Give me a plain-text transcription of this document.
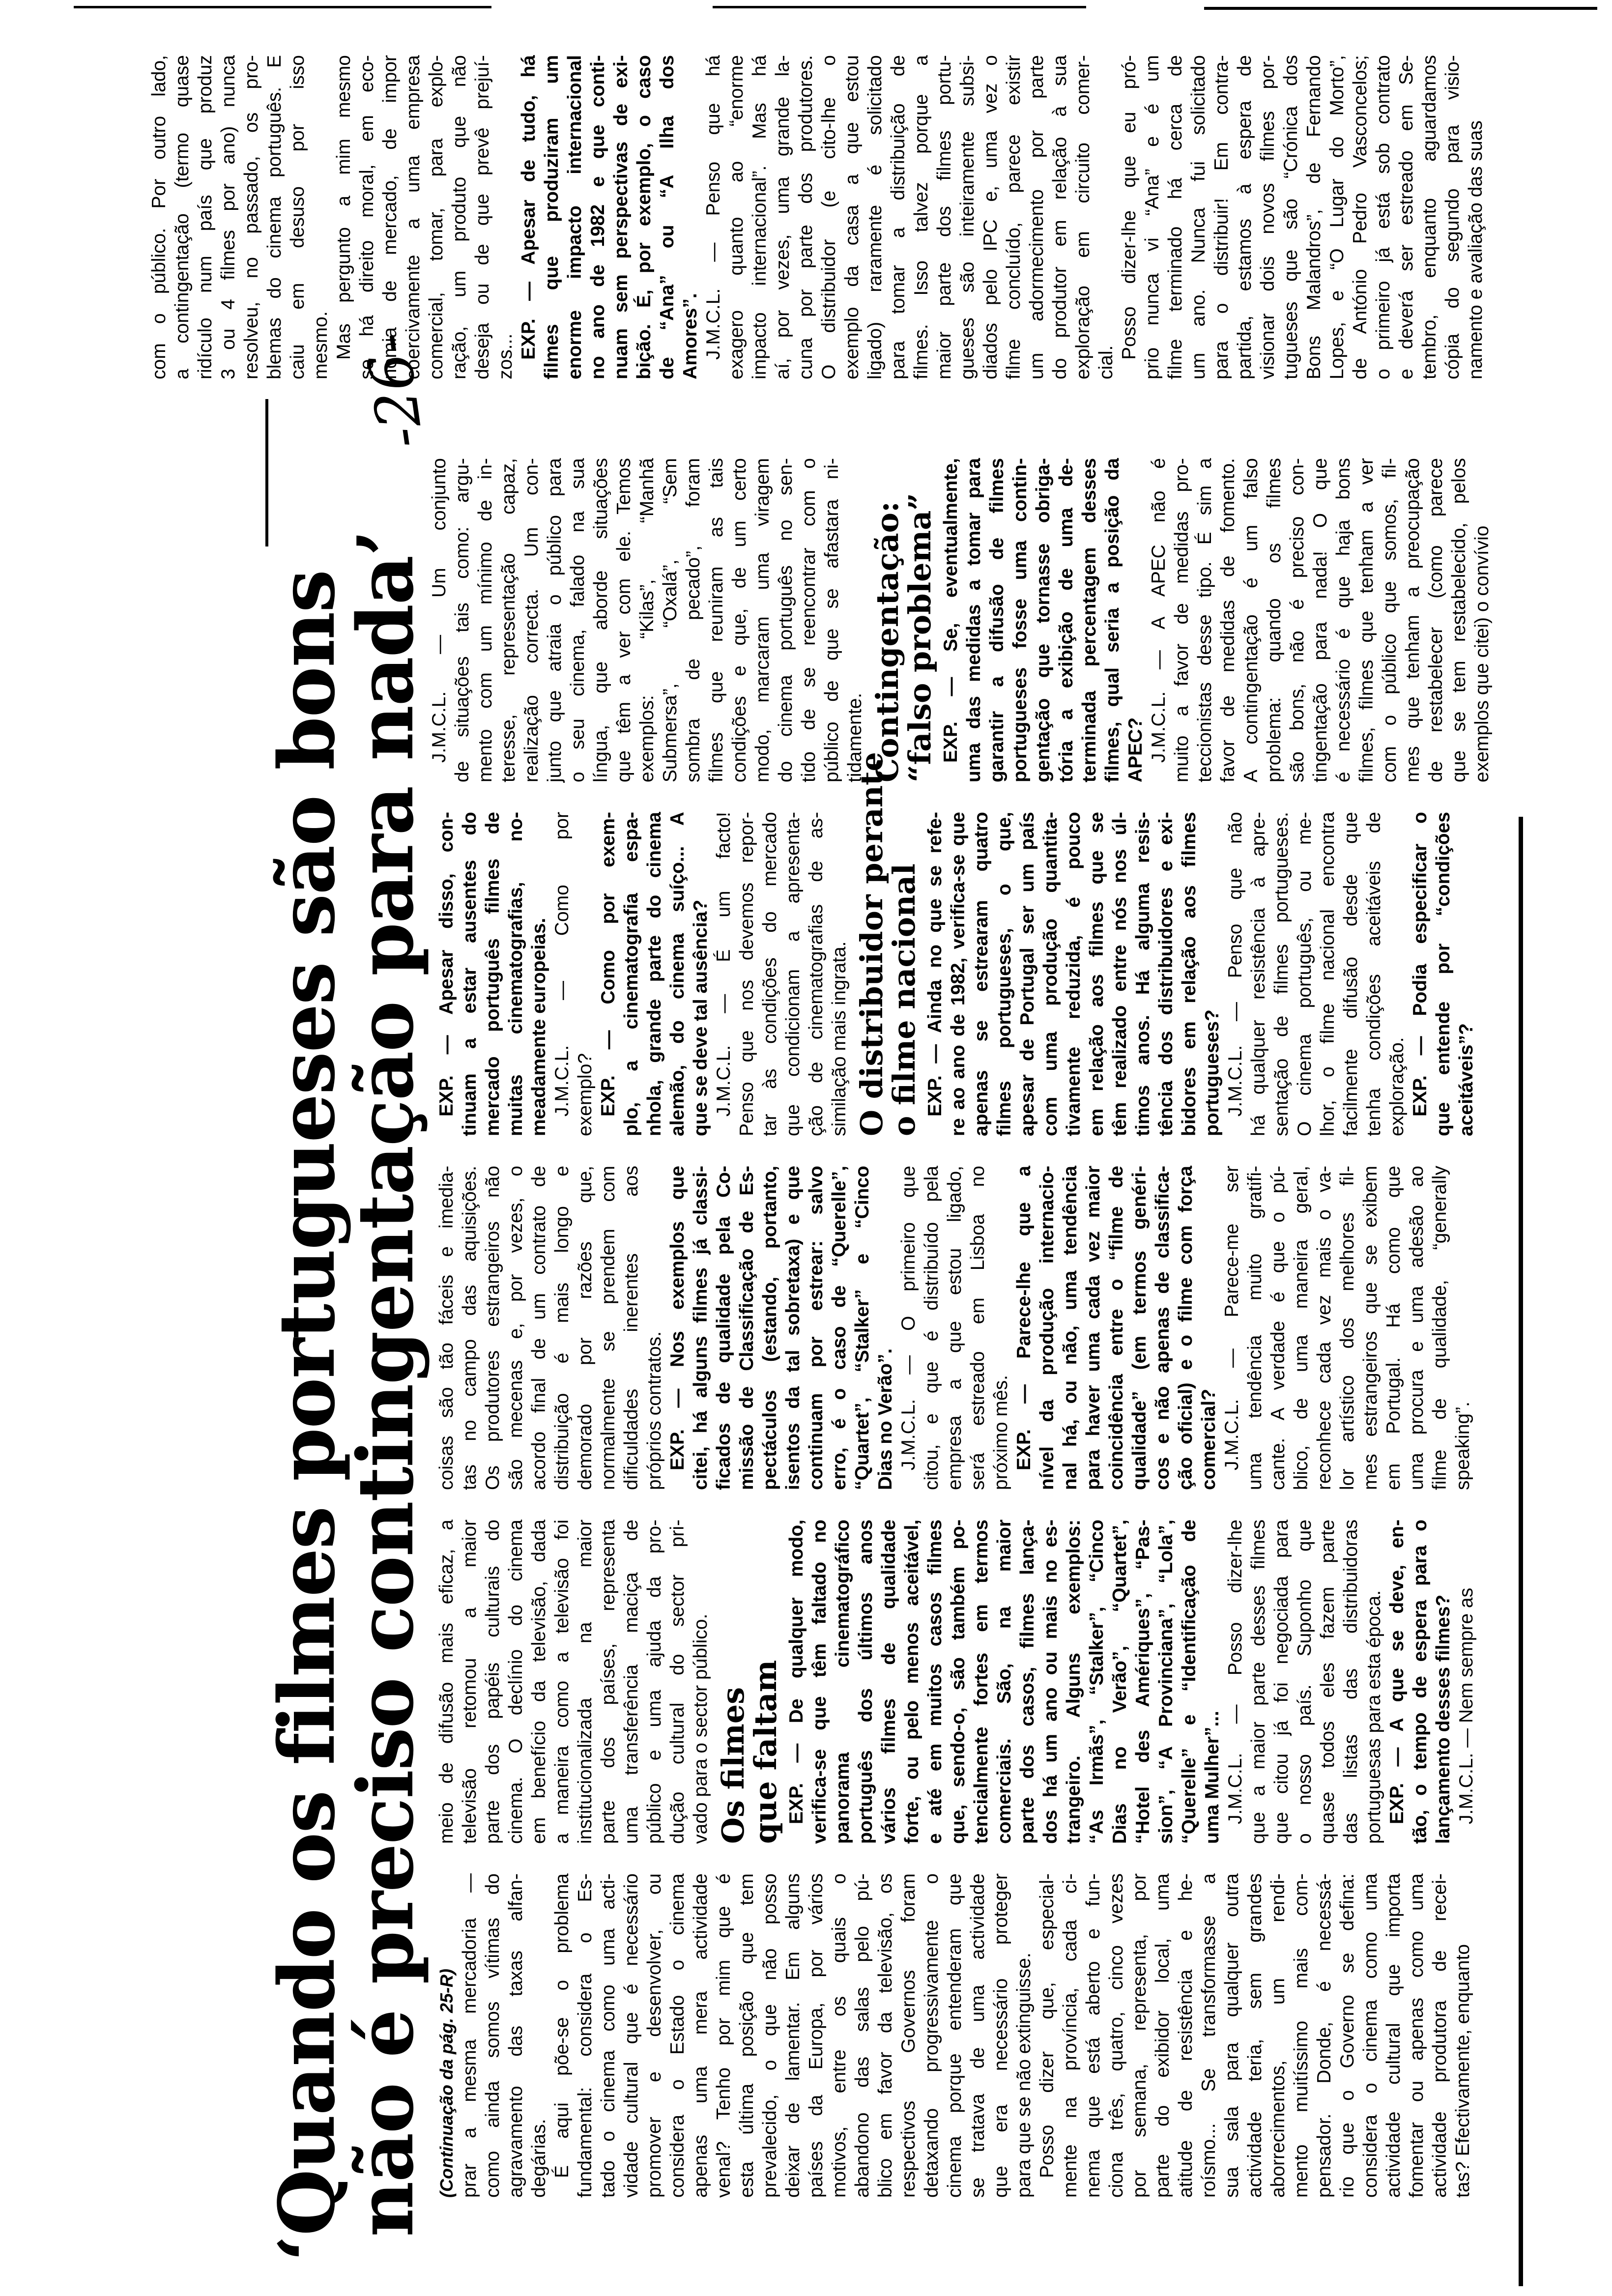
‘Quando os filmes portugueses são bons
não é preciso contingentação para nada’
-26-
(Continuação da pág. 25-R) prar a mesma mercadoria — como ainda somos vítimas do agravamento das taxas alfan- degárias. É aqui põe-se o problema fundamental: considera o Es- tado o cinema como uma acti- vidade cultural que é necessário promover e desenvolver, ou considera o Estado o cinema apenas uma mera actividade venal? Tenho por mim que é esta última posição que tem prevalecido, o que não posso deixar de lamentar. Em alguns países da Europa, por vários motivos, entre os quais o abandono das salas pelo pú- blico em favor da televisão, os respectivos Governos foram detaxando progressivamente o cinema porque entenderam que se tratava de uma actividade que era necessário proteger para que se não extinguisse. Posso dizer que, especial- mente na província, cada ci- nema que está aberto e fun- ciona três, quatro, cinco vezes por semana, representa, por parte do exibidor local, uma atitude de resistência e he- roísmo... Se transformasse a sua sala para qualquer outra actividade teria, sem grandes aborrecimentos, um rendi- mento muitíssimo mais com- pensador. Donde, é necessá- rio que o Governo se defina: considera o cinema como uma actividade cultural que importa fomentar ou apenas como uma actividade produtora de recei- tas? Efectivamente, enquanto
meio de difusão mais eficaz, a televisão retomou a maior parte dos papéis culturais do cinema. O declínio do cinema em benefício da televisão, dada a maneira como a televisão foi institucionalizada na maior parte dos países, representa uma transferência maciça de público e uma ajuda da pro- dução cultural do sector pri- vado para o sector público. Os filmes
que faltam EXP. — De qualquer modo, verifica-se que têm faltado no panorama cinematográfico português dos últimos anos vários filmes de qualidade forte, ou pelo menos aceitável, e até em muitos casos filmes que, sendo-o, são também po- tencialmente fortes em termos comerciais. São, na maior parte dos casos, filmes lança- dos há um ano ou mais no es- trangeiro. Alguns exemplos: “As Irmãs”, “Stalker”, “Cinco Dias no Verão”, “Quartet”, “Hotel des Amériques”, “Pas- sion”, “A Provinciana”, “Lola”, “Querelle” e “Identificação de uma Mulher”... J.M.C.L. — Posso dizer-lhe que a maior parte desses filmes que citou já foi negociada para o nosso país. Suponho que quase todos eles fazem parte das listas das distribuidoras portuguesas para esta época. EXP. — A que se deve, en- tão, o tempo de espera para o lançamento desses filmes? J.M.C.L. — Nem sempre as
coisas são tão fáceis e imedia- tas no campo das aquisições. Os produtores estrangeiros não são mecenas e, por vezes, o acordo final de um contrato de distribuição é mais longo e demorado por razões que, normalmente se prendem com dificuldades inerentes aos próprios contratos. EXP. — Nos exemplos que citei, há alguns filmes já classi- ficados de qualidade pela Co- missão de Classificação de Es- pectáculos (estando, portanto, isentos da tal sobretaxa) e que continuam por estrear: salvo erro, é o caso de “Querelle”, “Quartet”, “Stalker” e “Cinco Dias no Verão”. J.M.C.L. — O primeiro que citou, e que é distribuído pela empresa a que estou ligado, será estreado em Lisboa no próximo mês. EXP. — Parece-lhe que a nível da produção internacio- nal há, ou não, uma tendência para haver uma cada vez maior coincidência entre o “filme de qualidade” (em termos genéri- cos e não apenas de classifica- ção oficial) e o filme com força comercial? J.M.C.L. — Parece-me ser uma tendência muito gratifi- cante. A verdade é que o pú- blico, de uma maneira geral, reconhece cada vez mais o va- lor artístico dos melhores fil- mes estrangeiros que se exibem em Portugal. Há como que uma procura e uma adesão ao filme de qualidade, “generally speaking”.
EXP. — Apesar disso, con- tinuam a estar ausentes do mercado português filmes de muitas cinematografias, no- meadamente europeias. J.M.C.L. — Como por exemplo? EXP. — Como por exem- plo, a cinematografia espa- nhola, grande parte do cinema alemão, do cinema suíço... A que se deve tal ausência? J.M.C.L. — É um facto! Penso que nos devemos repor- tar às condições do mercado que condicionam a apresenta- ção de cinematografias de as- similação mais ingrata. O distribuidor perante
o filme nacional EXP. — Ainda no que se refe- re ao ano de 1982, verifica-se que apenas se estrearam quatro filmes portugueses, o que, apesar de Portugal ser um país com uma produção quantita- tivamente reduzida, é pouco em relação aos filmes que se têm realizado entre nós nos úl- timos anos. Há alguma resis- tência dos distribuidores e exi- bidores em relação aos filmes portugueses? J.M.C.L. — Penso que não há qualquer resistência à apre- sentação de filmes portugueses. O cinema português, ou me- lhor, o filme nacional encontra facilmente difusão desde que tenha condições aceitáveis de exploração. EXP. — Podia especificar o que entende por “condições aceitáveis”?
J.M.C.L. — Um conjunto de situações tais como: argu- mento com um mínimo de in- teresse, representação capaz, realização correcta. Um con- junto que atraia o público para o seu cinema, falado na sua língua, que aborde situações que têm a ver com ele. Temos exemplos: “Kilas”, “Manhã Submersa”, “Oxalá”, “Sem sombra de pecado”, foram filmes que reuniram as tais condições e que, de um certo modo, marcaram uma viragem do cinema português no sen- tido de se reencontrar com o público de que se afastara ni- tidamente. Contingentação:
“falso problema” EXP. — Se, eventualmente, uma das medidas a tomar para garantir a difusão de filmes portugueses fosse uma contin- gentação que tornasse obriga- tória a exibição de uma de- terminada percentagem desses filmes, qual seria a posição da APEC? J.M.C.L. — A APEC não é muito a favor de medidas pro- teccionistas desse tipo. É sim a favor de medidas de fomento. A contingentação é um falso problema: quando os filmes são bons, não é preciso con- tingentação para nada! O que é necessário é que haja bons filmes, filmes que tenham a ver com o público que somos, fil- mes que tenham a preocupação de restabelecer (como parece que se tem restabelecido, pelos exemplos que citei) o convívio
com o público. Por outro lado, a contingentação (termo quase ridículo num país que produz 3 ou 4 filmes por ano) nunca resolveu, no passado, os pro- blemas do cinema português. E caiu em desuso por isso mesmo. Mas pergunto a mim mesmo se há direito moral, em eco- nomia de mercado, de impor coercivamente a uma empresa comercial, tomar, para explo- ração, um produto que não deseja ou de que prevê prejuí- zos... EXP. — Apesar de tudo, há filmes que produziram um enorme impacto internacional no ano de 1982 e que conti- nuam sem perspectivas de exi- bição. É, por exemplo, o caso de “Ana” ou “A Ilha dos Amores”. J.M.C.L. — Penso que há exagero quanto ao “enorme impacto internacional”. Mas há aí, por vezes, uma grande la- cuna por parte dos produtores. O distribuidor (e cito-lhe o exemplo da casa a que estou ligado) raramente é solicitado para tomar a distribuição de filmes. Isso talvez porque a maior parte dos filmes portu- gueses são inteiramente subsi- diados pelo IPC e, uma vez o filme concluído, parece existir um adormecimento por parte do produtor em relação à sua exploração em circuito comer- cial.
Posso dizer-lhe que eu pró- prio nunca vi “Ana” e é um filme terminado há cerca de um ano. Nunca fui solicitado para o distribuir! Em contra- partida, estamos à espera de visionar dois novos filmes por- tugueses que são “Crónica dos Bons Malandros”, de Fernando Lopes, e “O Lugar do Morto”, de António Pedro Vasconcelos; o primeiro já está sob contrato e deverá ser estreado em Se- tembro, enquanto aguardamos cópia do segundo para visio- namento e avaliação das suas
